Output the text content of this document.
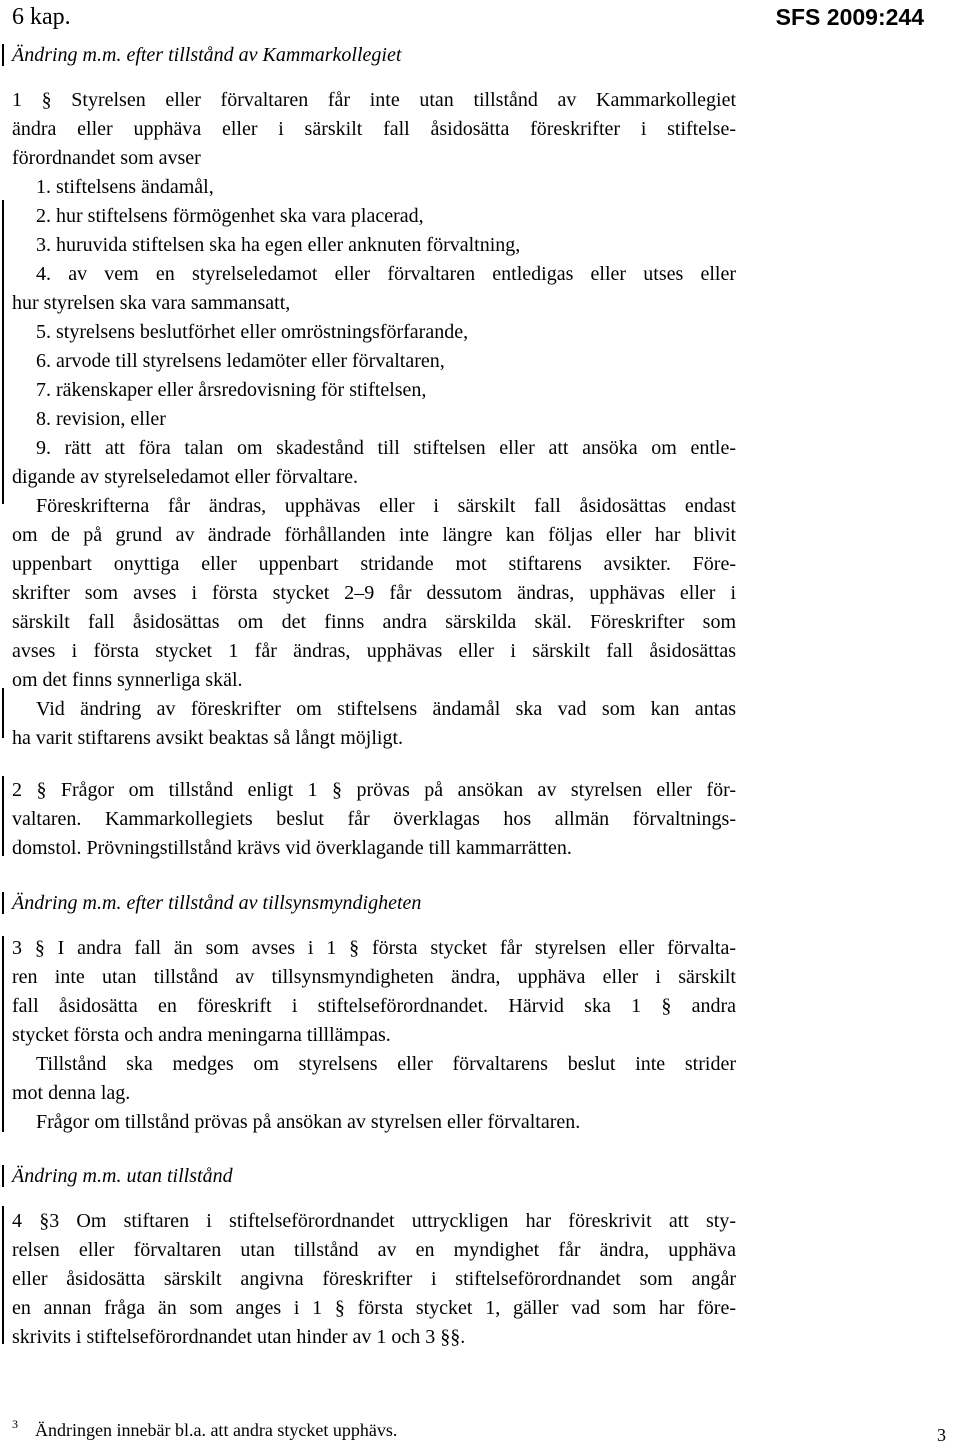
6 kap.	SFS 2009:244
Ändring m.m. efter tillstånd av Kammarkollegiet
1 § Styrelsen eller förvaltaren får inte utan tillstånd av Kammarkollegiet
ändra eller upphäva eller i särskilt fall åsidosätta föreskrifter i stiftelse-
förordnandet som avser
1. stiftelsens ändamål,
2. hur stiftelsens förmögenhet ska vara placerad,
3. huruvida stiftelsen ska ha egen eller anknuten förvaltning,
4. av vem en styrelseledamot eller förvaltaren entledigas eller utses eller
hur styrelsen ska vara sammansatt,
5. styrelsens beslutförhet eller omröstningsförfarande,
6. arvode till styrelsens ledamöter eller förvaltaren,
7. räkenskaper eller årsredovisning för stiftelsen,
8. revision, eller
9. rätt att föra talan om skadestånd till stiftelsen eller att ansöka om entle-
digande av styrelseledamot eller förvaltare.
Föreskrifterna får ändras, upphävas eller i särskilt fall åsidosättas endast
om de på grund av ändrade förhållanden inte längre kan följas eller har blivit
uppenbart onyttiga eller uppenbart stridande mot stiftarens avsikter. Före-
skrifter som avses i första stycket 2–9 får dessutom ändras, upphävas eller i
särskilt fall åsidosättas om det finns andra särskilda skäl. Föreskrifter som
avses i första stycket 1 får ändras, upphävas eller i särskilt fall åsidosättas
om det finns synnerliga skäl.
Vid ändring av föreskrifter om stiftelsens ändamål ska vad som kan antas
ha varit stiftarens avsikt beaktas så långt möjligt.
2 § Frågor om tillstånd enligt 1 § prövas på ansökan av styrelsen eller för-
valtaren. Kammarkollegiets beslut får överklagas hos allmän förvaltnings-
domstol. Prövningstillstånd krävs vid överklagande till kammarrätten.
Ändring m.m. efter tillstånd av tillsynsmyndigheten
3 § I andra fall än som avses i 1 § första stycket får styrelsen eller förvalta-
ren inte utan tillstånd av tillsynsmyndigheten ändra, upphäva eller i särskilt
fall åsidosätta en föreskrift i stiftelseförordnandet. Härvid ska 1 § andra
stycket första och andra meningarna tilllämpas.
Tillstånd ska medges om styrelsens eller förvaltarens beslut inte strider
mot denna lag.
Frågor om tillstånd prövas på ansökan av styrelsen eller förvaltaren.
Ändring m.m. utan tillstånd
4 §3 Om stiftaren i stiftelseförordnandet uttryckligen har föreskrivit att sty-
relsen eller förvaltaren utan tillstånd av en myndighet får ändra, upphäva
eller åsidosätta särskilt angivna föreskrifter i stiftelseförordnandet som angår
en annan fråga än som anges i 1 § första stycket 1, gäller vad som har före-
skrivits i stiftelseförordnandet utan hinder av 1 och 3 §§.
$^3$ Ändringen innebär bl.a. att andra stycket upphävs.	3
